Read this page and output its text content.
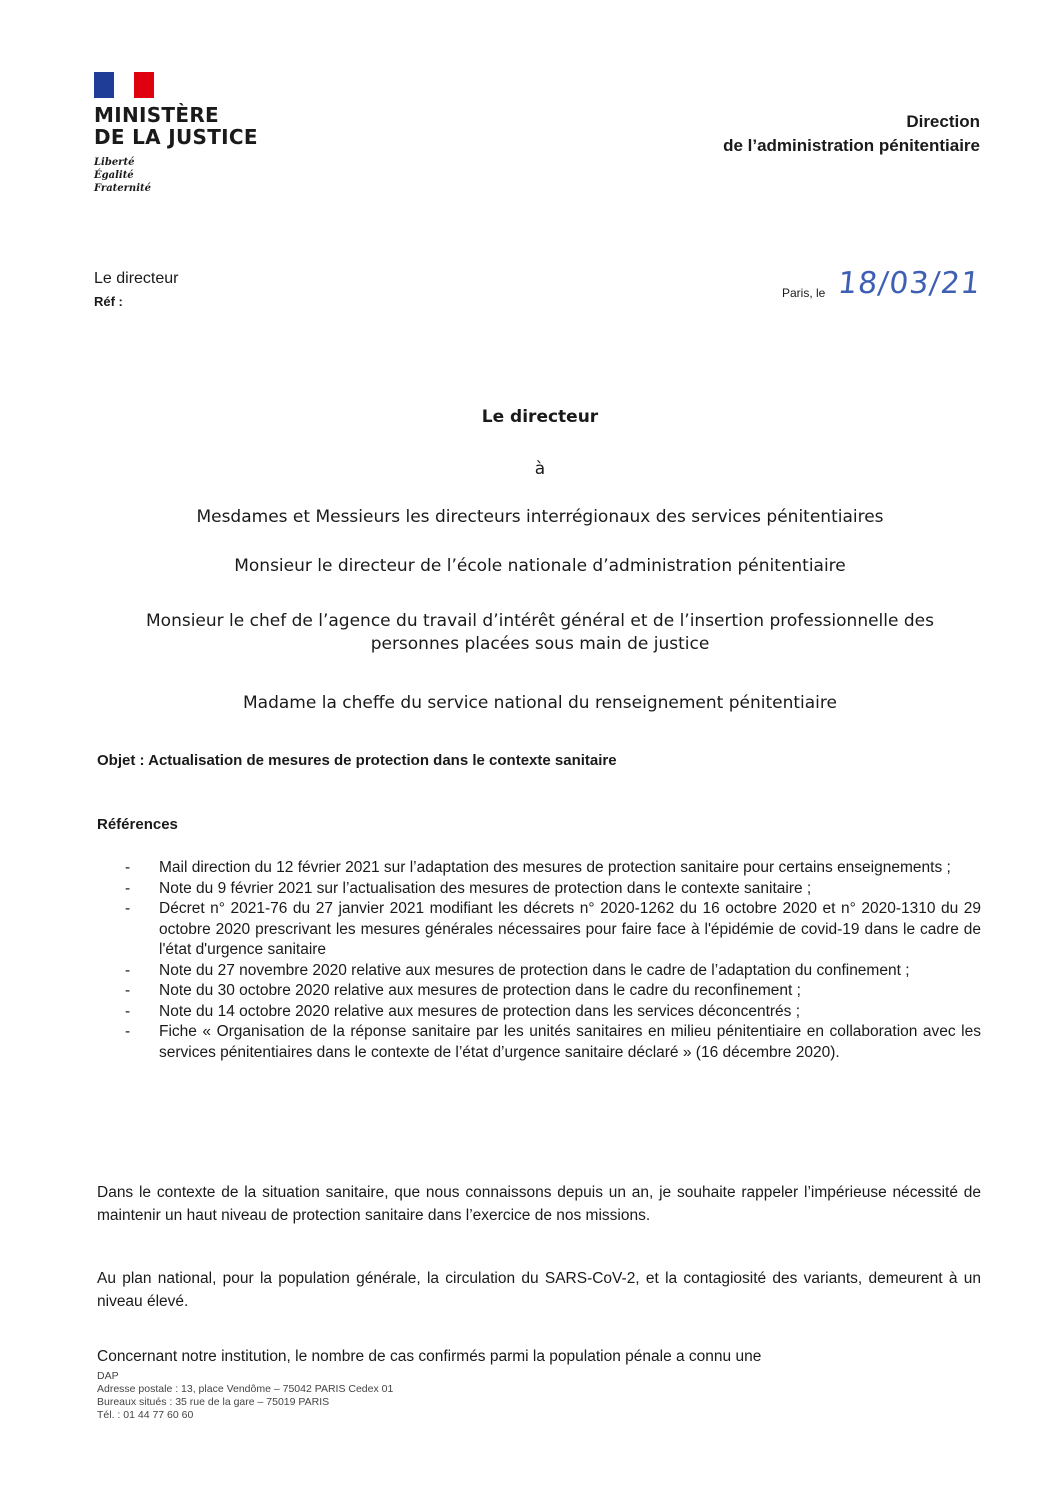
MINISTÈRE
DE LA JUSTICE
Liberté
Égalité
Fraternité
Direction
de l’administration pénitentiaire
Le directeur
Réf :
Paris, le 18/03/21
Le directeur
à
Mesdames et Messieurs les directeurs interrégionaux des services pénitentiaires
Monsieur le directeur de l’école nationale d’administration pénitentiaire
Monsieur le chef de l’agence du travail d’intérêt général et de l’insertion professionnelle des personnes placées sous main de justice
Madame la cheffe du service national du renseignement pénitentiaire
Objet : Actualisation de mesures de protection dans le contexte sanitaire
Références
- Mail direction du 12 février 2021 sur l’adaptation des mesures de protection sanitaire pour certains enseignements ;
- Note du 9 février 2021 sur l’actualisation des mesures de protection dans le contexte sanitaire ;
- Décret n° 2021-76 du 27 janvier 2021 modifiant les décrets n° 2020-1262 du 16 octobre 2020 et n° 2020-1310 du 29 octobre 2020 prescrivant les mesures générales nécessaires pour faire face à l'épidémie de covid-19 dans le cadre de l'état d'urgence sanitaire
- Note du 27 novembre 2020 relative aux mesures de protection dans le cadre de l’adaptation du confinement ;
- Note du 30 octobre 2020 relative aux mesures de protection dans le cadre du reconfinement ;
- Note du 14 octobre 2020 relative aux mesures de protection dans les services déconcentrés ;
- Fiche « Organisation de la réponse sanitaire par les unités sanitaires en milieu pénitentiaire en collaboration avec les services pénitentiaires dans le contexte de l’état d’urgence sanitaire déclaré » (16 décembre 2020).
Dans le contexte de la situation sanitaire, que nous connaissons depuis un an, je souhaite rappeler l’impérieuse nécessité de maintenir un haut niveau de protection sanitaire dans l’exercice de nos missions.
Au plan national, pour la population générale, la circulation du SARS-CoV-2, et la contagiosité des variants, demeurent à un niveau élevé.
Concernant notre institution, le nombre de cas confirmés parmi la population pénale a connu une
DAP
Adresse postale : 13, place Vendôme – 75042 PARIS Cedex 01
Bureaux situés : 35 rue de la gare – 75019 PARIS
Tél. : 01 44 77 60 60
